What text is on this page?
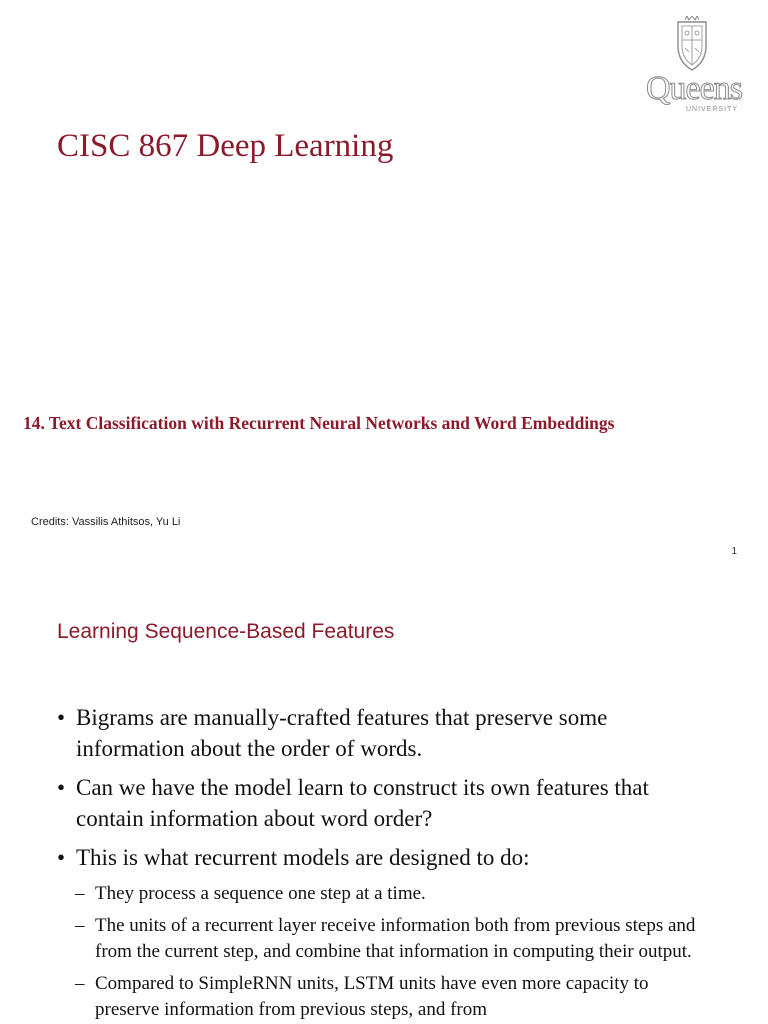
Queens
UNIVERSITY
CISC 867 Deep Learning
14. Text Classification with Recurrent Neural Networks and Word Embeddings
Credits: Vassilis Athitsos, Yu Li
1
Learning Sequence-Based Features
• Bigrams are manually-crafted features that preserve some information about the order of words.
• Can we have the model learn to construct its own features that contain information about word order?
• This is what recurrent models are designed to do:
– They process a sequence one step at a time.
– The units of a recurrent layer receive information both from previous steps and from the current step, and combine that information in computing their output.
– Compared to SimpleRNN units, LSTM units have even more capacity to preserve information from previous steps, and from
